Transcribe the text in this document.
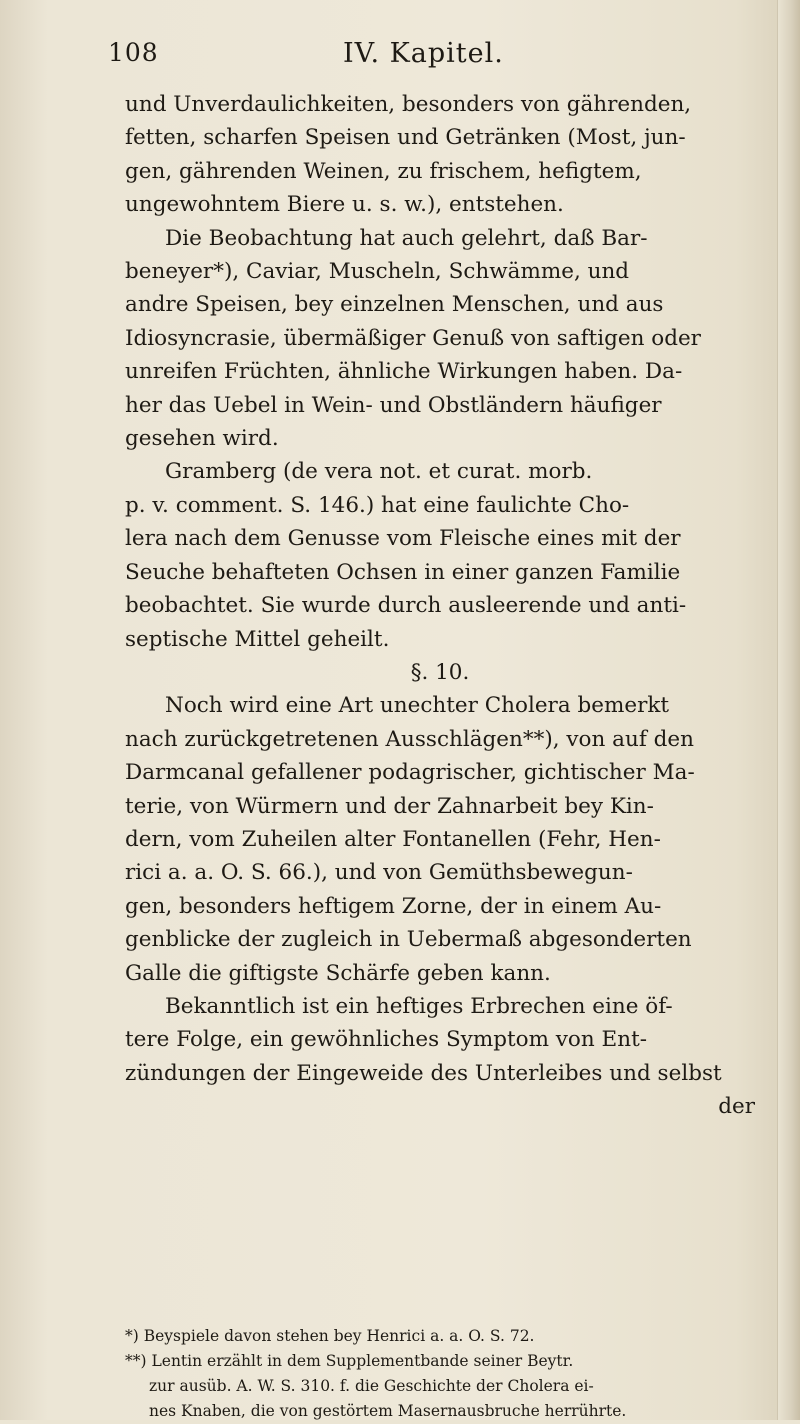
108	IV. Kapitel.
und Unverdaulichkeiten, besonders von gährenden,
fetten, scharfen Speisen und Getränken (Most, jun-
gen, gährenden Weinen, zu frischem, hefigtem,
ungewohntem Biere u. s. w.), entstehen.
Die Beobachtung hat auch gelehrt, daß Bar-
beneyer*), Caviar, Muscheln, Schwämme, und
andre Speisen, bey einzelnen Menschen, und aus
Idiosyncrasie, übermäßiger Genuß von saftigen oder
unreifen Früchten, ähnliche Wirkungen haben. Da-
her das Uebel in Wein- und Obstländern häufiger
gesehen wird.
Gramberg (de vera not. et curat. morb.
p. v. comment. S. 146.) hat eine faulichte Cho-
lera nach dem Genusse vom Fleische eines mit der
Seuche behafteten Ochsen in einer ganzen Familie
beobachtet. Sie wurde durch ausleerende und anti-
septische Mittel geheilt.
§. 10.
Noch wird eine Art unechter Cholera bemerkt
nach zurückgetretenen Ausschlägen**), von auf den
Darmcanal gefallener podagrischer, gichtischer Ma-
terie, von Würmern und der Zahnarbeit bey Kin-
dern, vom Zuheilen alter Fontanellen (Fehr, Hen-
rici a. a. O. S. 66.), und von Gemüthsbewegun-
gen, besonders heftigem Zorne, der in einem Au-
genblicke der zugleich in Uebermaß abgesonderten
Galle die giftigste Schärfe geben kann.
Bekanntlich ist ein heftiges Erbrechen eine öf-
tere Folge, ein gewöhnliches Symptom von Ent-
zündungen der Eingeweide des Unterleibes und selbst
der
*) Beyspiele davon stehen bey Henrici a. a. O. S. 72.
**) Lentin erzählt in dem Supplementbande seiner Beytr.
zur ausüb. A. W. S. 310. f. die Geschichte der Cholera ei-
nes Knaben, die von gestörtem Masernausbruche herrührte.
